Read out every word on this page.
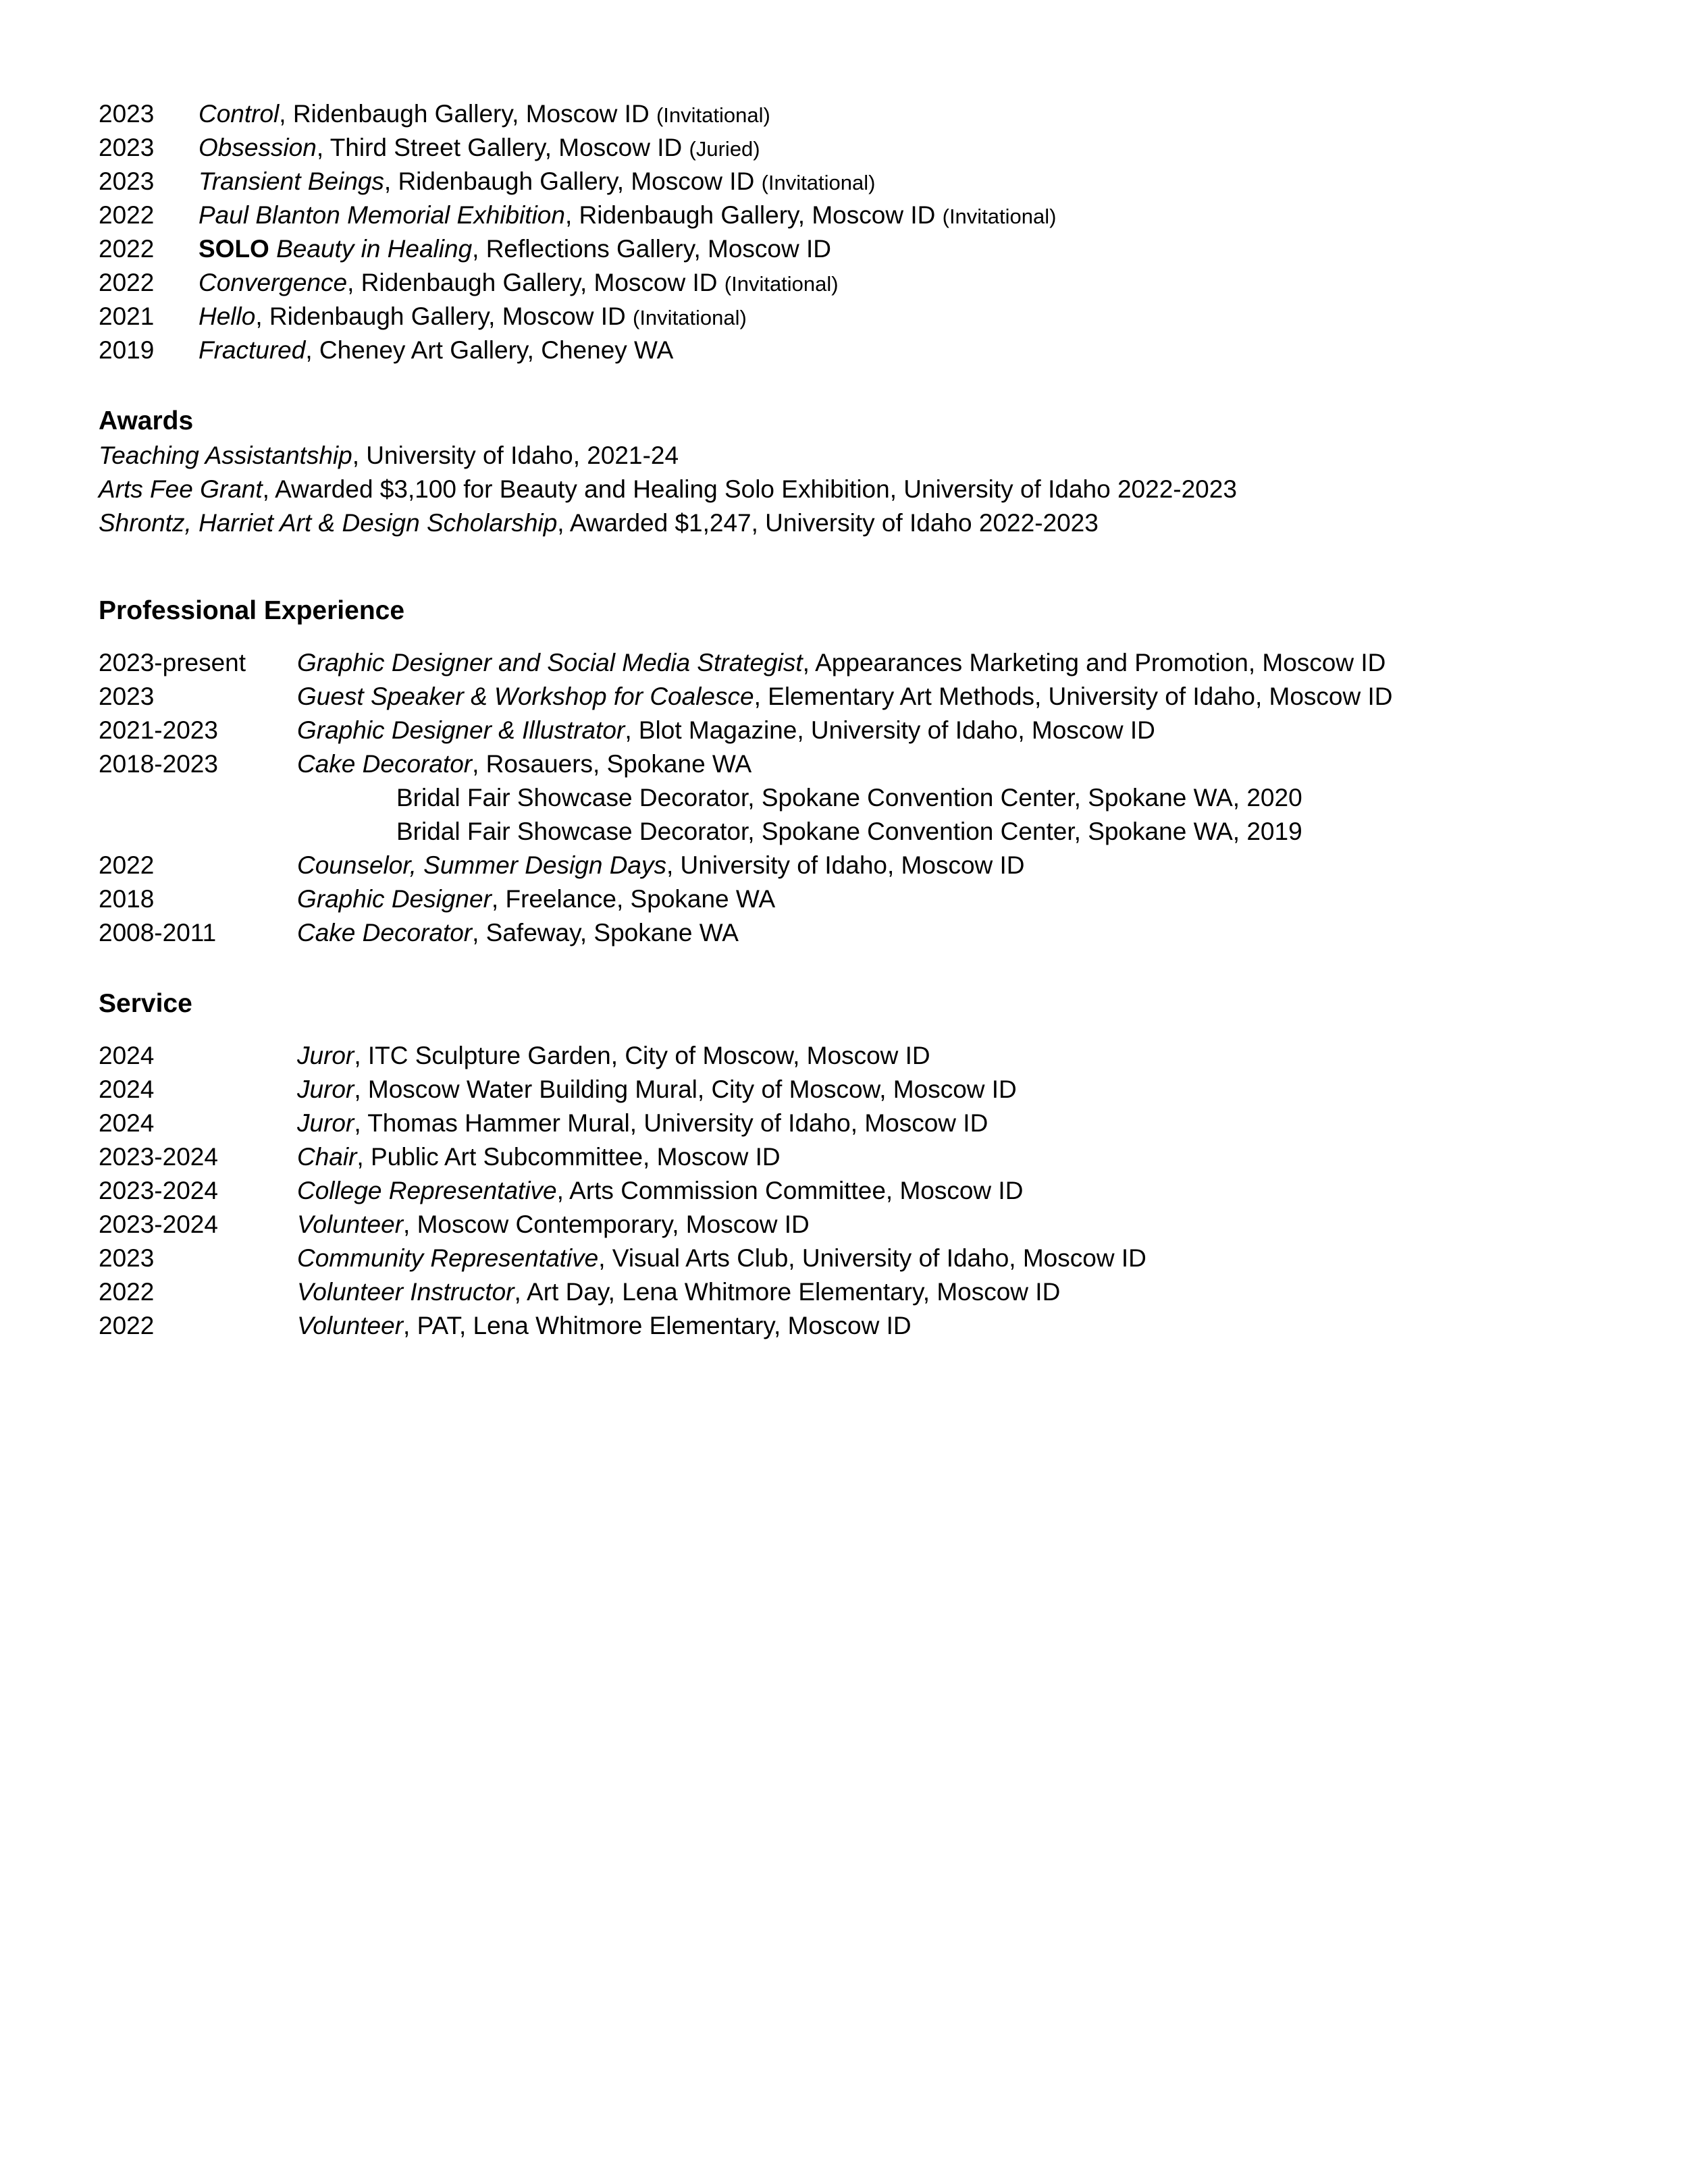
2023 Control, Ridenbaugh Gallery, Moscow ID (Invitational)
2023 Obsession, Third Street Gallery, Moscow ID (Juried)
2023 Transient Beings, Ridenbaugh Gallery, Moscow ID (Invitational)
2022 Paul Blanton Memorial Exhibition, Ridenbaugh Gallery, Moscow ID (Invitational)
2022 SOLO Beauty in Healing, Reflections Gallery, Moscow ID
2022 Convergence, Ridenbaugh Gallery, Moscow ID (Invitational)
2021 Hello, Ridenbaugh Gallery, Moscow ID (Invitational)
2019 Fractured, Cheney Art Gallery, Cheney WA
Awards
Teaching Assistantship, University of Idaho, 2021-24
Arts Fee Grant, Awarded $3,100 for Beauty and Healing Solo Exhibition, University of Idaho 2022-2023
Shrontz, Harriet Art & Design Scholarship, Awarded $1,247, University of Idaho 2022-2023
Professional Experience
2023-present Graphic Designer and Social Media Strategist, Appearances Marketing and Promotion, Moscow ID
2023	Guest Speaker & Workshop for Coalesce, Elementary Art Methods, University of Idaho, Moscow ID
2021-2023	Graphic Designer & Illustrator, Blot Magazine, University of Idaho, Moscow ID
2018-2023	Cake Decorator, Rosauers, Spokane WA
Bridal Fair Showcase Decorator, Spokane Convention Center, Spokane WA, 2020
Bridal Fair Showcase Decorator, Spokane Convention Center, Spokane WA, 2019
2022	Counselor, Summer Design Days, University of Idaho, Moscow ID
2018	Graphic Designer, Freelance, Spokane WA
2008-2011	Cake Decorator, Safeway, Spokane WA
Service
2024	Juror, ITC Sculpture Garden, City of Moscow, Moscow ID
2024	Juror, Moscow Water Building Mural, City of Moscow, Moscow ID
2024	Juror, Thomas Hammer Mural, University of Idaho, Moscow ID
2023-2024	Chair, Public Art Subcommittee, Moscow ID
2023-2024	College Representative, Arts Commission Committee, Moscow ID
2023-2024	Volunteer, Moscow Contemporary, Moscow ID
2023	Community Representative, Visual Arts Club, University of Idaho, Moscow ID
2022	Volunteer Instructor, Art Day, Lena Whitmore Elementary, Moscow ID
2022	Volunteer, PAT, Lena Whitmore Elementary, Moscow ID
